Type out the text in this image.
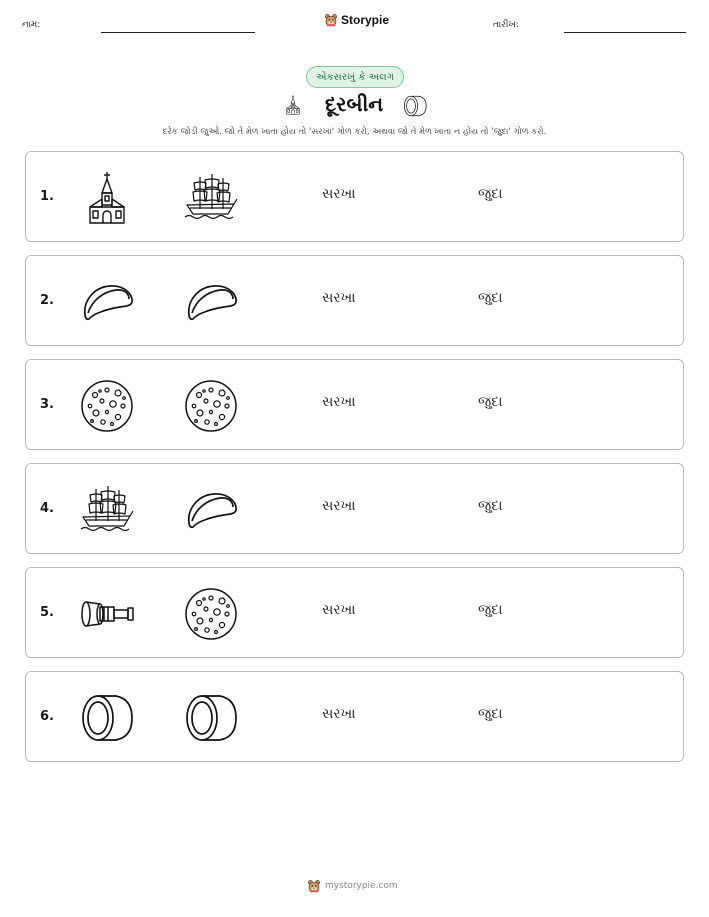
નામ:	Storypie	તારીખ:
એકસરખું કે અલગ
દૂરબીન
દરેક જોડી જુઓ. જો તે મેળ ખાતા હોય તો 'સરખા' ગોળ કરો, અથવા જો તે મેળ ખાતા ન હોય તો 'જુદા' ગોળ કરો.
1.	સરખા	જુદા
2.	સરખા	જુદા
3.	સરખા	જુદા
4.	સરખા	જુદા
5.	સરખા	જુદા
6.	સરખા	જુદા
mystorypie.com
